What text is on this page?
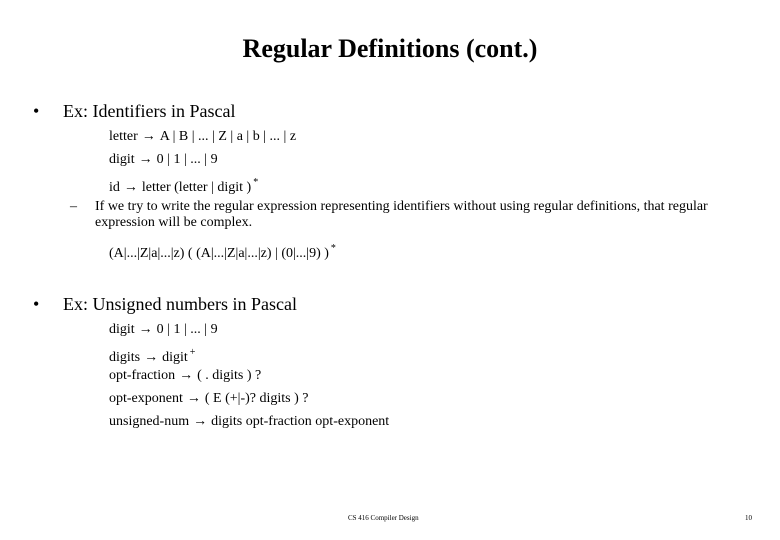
Regular Definitions (cont.)
• Ex: Identifiers in Pascal
letter → A | B | ... | Z | a | b | ... | z
digit → 0 | 1 | ... | 9
id → letter (letter | digit ) *
– If we try to write the regular expression representing identifiers without using regular definitions, that regular expression will be complex.
(A|...|Z|a|...|z) ( (A|...|Z|a|...|z) | (0|...|9) ) *
• Ex: Unsigned numbers in Pascal
digit → 0 | 1 | ... | 9
digits → digit +
opt-fraction → ( . digits ) ?
opt-exponent → ( E (+|-)? digits ) ?
unsigned-num → digits opt-fraction opt-exponent
CS 416 Compiler Design	10
